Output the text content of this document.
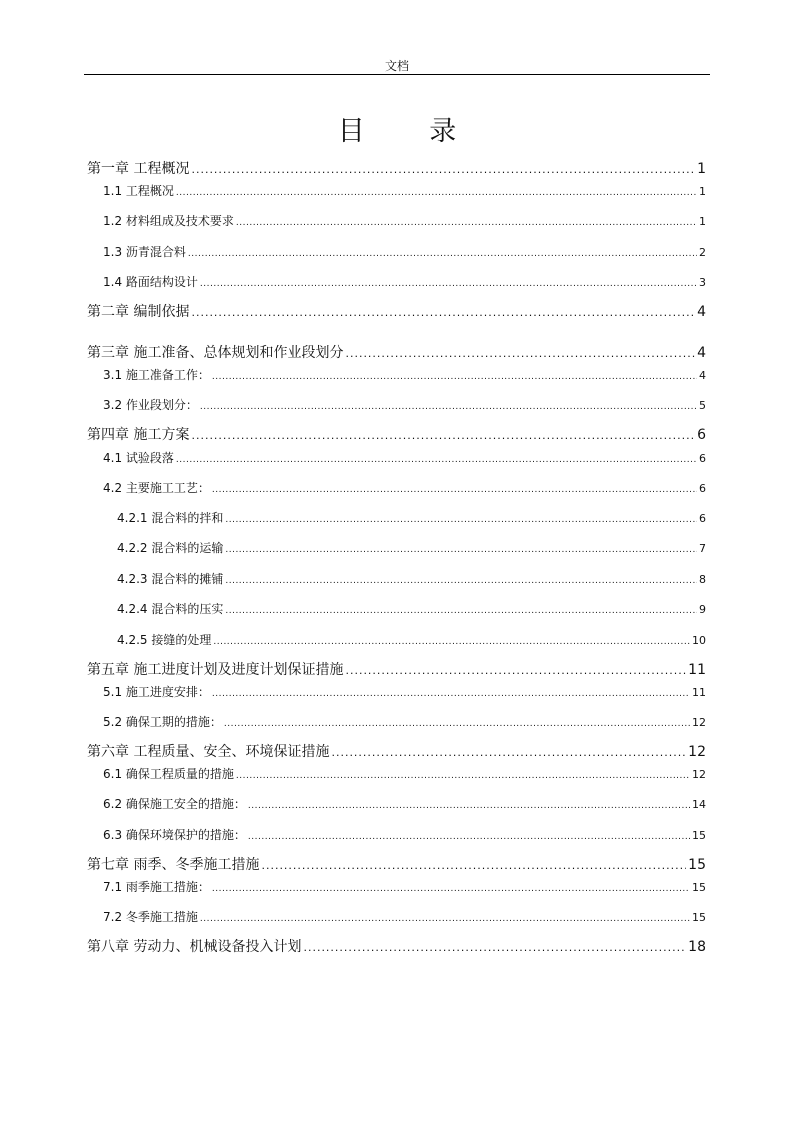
文档
目 录
第一章 工程概况 .....	1
1.1 工程概况 .....	1
1.2 材料组成及技术要求 .....	1
1.3 沥青混合料 .....	2
1.4 路面结构设计 .....	3
第二章 编制依据 .....	4
第三章 施工准备、总体规划和作业段划分 .....	4
3.1 施工准备工作： .....	4
3.2 作业段划分： .....	5
第四章 施工方案 .....	6
4.1 试验段落 .....	6
4.2 主要施工工艺： .....	6
4.2.1 混合料的拌和 .....	6
4.2.2 混合料的运输 .....	7
4.2.3 混合料的摊铺 .....	8
4.2.4 混合料的压实 .....	9
4.2.5 接缝的处理 .....	10
第五章 施工进度计划及进度计划保证措施 .....	11
5.1 施工进度安排： .....	11
5.2 确保工期的措施： .....	12
第六章 工程质量、安全、环境保证措施 .....	12
6.1 确保工程质量的措施 .....	12
6.2 确保施工安全的措施： .....	14
6.3 确保环境保护的措施： .....	15
第七章 雨季、冬季施工措施 .....	15
7.1 雨季施工措施： .....	15
7.2 冬季施工措施 .....	15
第八章 劳动力、机械设备投入计划 .....	18
